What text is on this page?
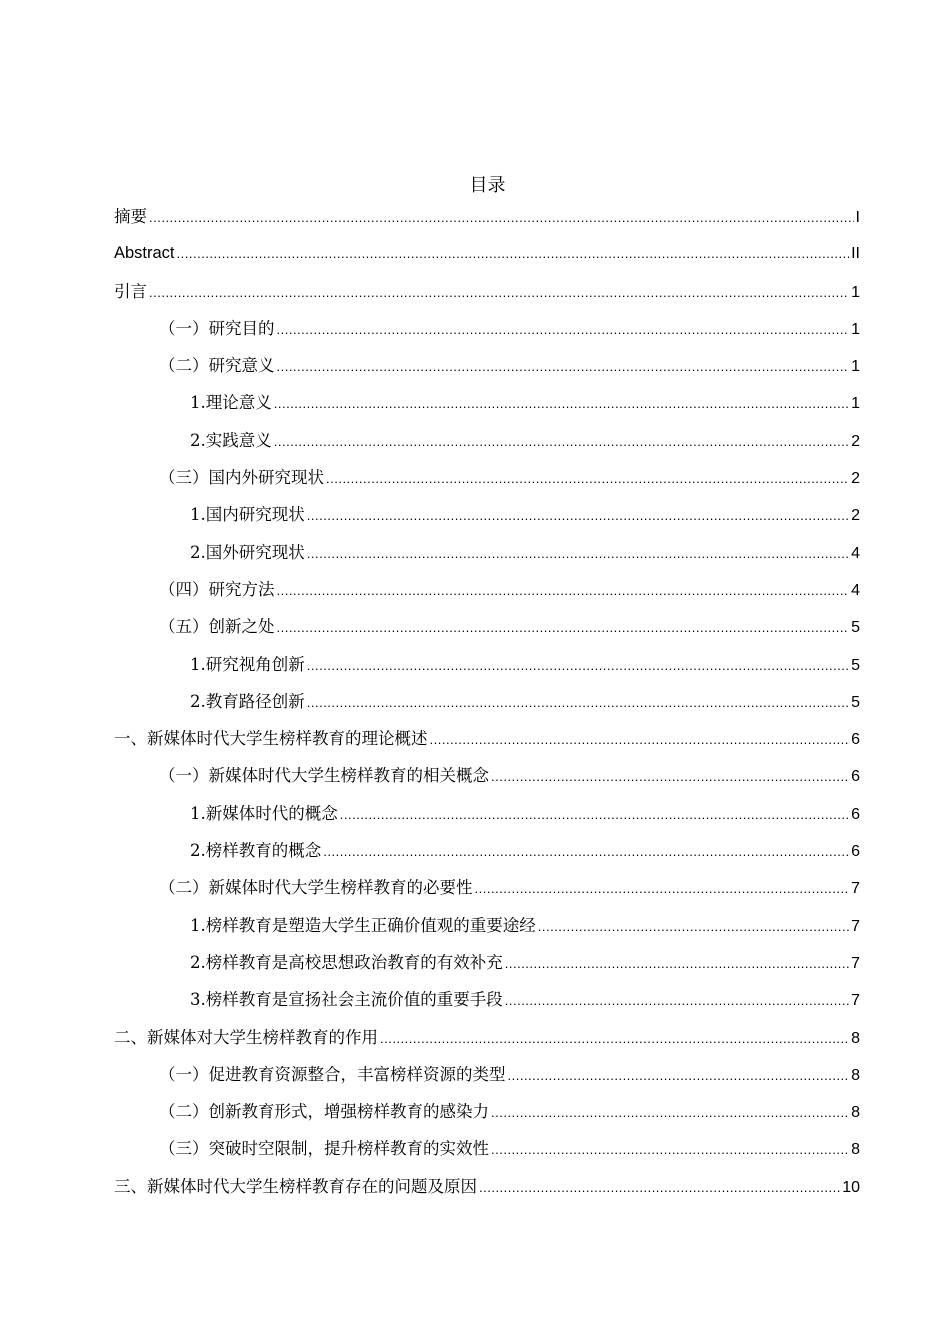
目录
摘要 .....	I
Abstract .....	II
引言 .....	1
（一）研究目的 .....	1
（二）研究意义 .....	1
1.理论意义 .....	1
2.实践意义 .....	2
（三）国内外研究现状 .....	2
1.国内研究现状 .....	2
2.国外研究现状 .....	4
（四）研究方法 .....	4
（五）创新之处 .....	5
1.研究视角创新 .....	5
2.教育路径创新 .....	5
一、新媒体时代大学生榜样教育的理论概述 .....	6
（一）新媒体时代大学生榜样教育的相关概念 .....	6
1.新媒体时代的概念 .....	6
2.榜样教育的概念 .....	6
（二）新媒体时代大学生榜样教育的必要性 .....	7
1.榜样教育是塑造大学生正确价值观的重要途经 .....	7
2.榜样教育是高校思想政治教育的有效补充 .....	7
3.榜样教育是宣扬社会主流价值的重要手段 .....	7
二、新媒体对大学生榜样教育的作用 .....	8
（一）促进教育资源整合，丰富榜样资源的类型 .....	8
（二）创新教育形式，增强榜样教育的感染力 .....	8
（三）突破时空限制，提升榜样教育的实效性 .....	8
三、新媒体时代大学生榜样教育存在的问题及原因 .....	10
